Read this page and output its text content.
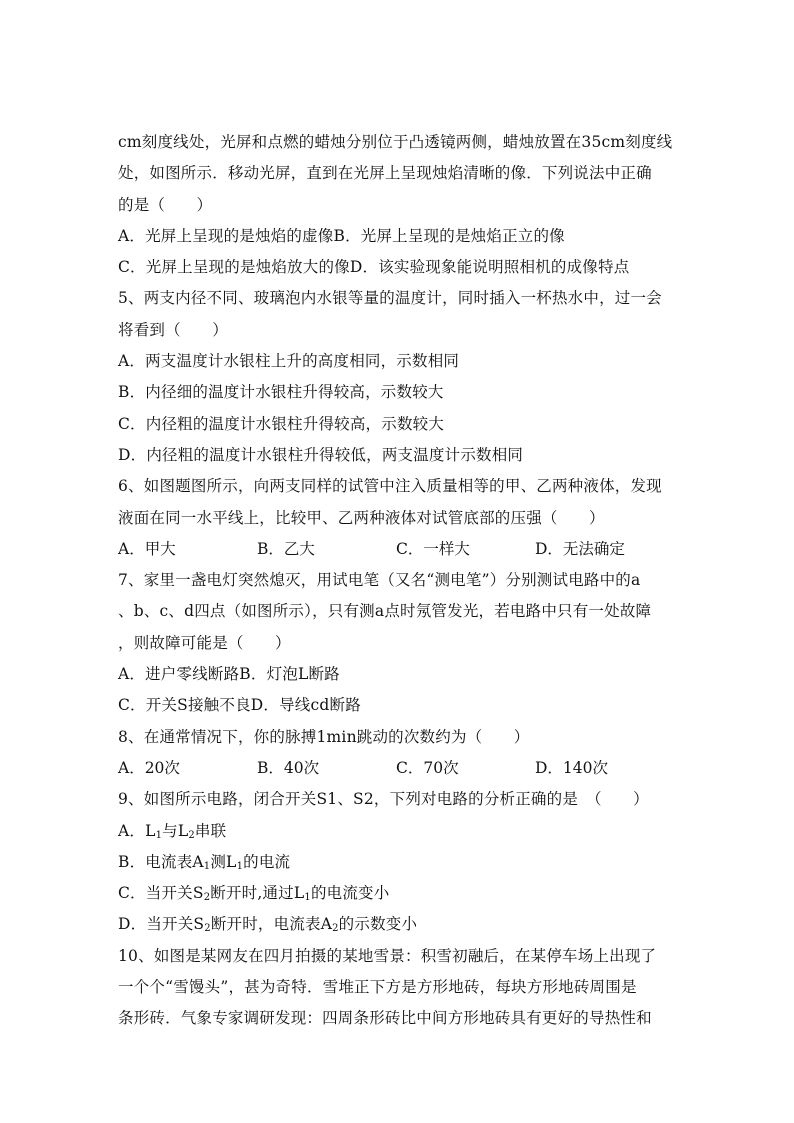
cm刻度线处，光屏和点燃的蜡烛分别位于凸透镜两侧，蜡烛放置在35cm刻度线
处，如图所示．移动光屏，直到在光屏上呈现烛焰清晰的像．下列说法中正确
的是（　　）
A．光屏上呈现的是烛焰的虚像B．光屏上呈现的是烛焰正立的像
C．光屏上呈现的是烛焰放大的像D．该实验现象能说明照相机的成像特点
5、两支内径不同、玻璃泡内水银等量的温度计，同时插入一杯热水中，过一会
将看到（　　）
A．两支温度计水银柱上升的高度相同，示数相同
B．内径细的温度计水银柱升得较高，示数较大
C．内径粗的温度计水银柱升得较高，示数较大
D．内径粗的温度计水银柱升得较低，两支温度计示数相同
6、如图题图所示，向两支同样的试管中注入质量相等的甲、乙两种液体，发现
液面在同一水平线上，比较甲、乙两种液体对试管底部的压强（　　）
A．甲大	B．乙大	C．一样大	D．无法确定
7、家里一盏电灯突然熄灭，用试电笔（又名“测电笔”）分别测试电路中的a
、b、c、d四点（如图所示），只有测a点时氖管发光，若电路中只有一处故障
，则故障可能是（　　）
A．进户零线断路B．灯泡L断路
C．开关S接触不良D．导线cd断路
8、在通常情况下，你的脉搏1min跳动的次数约为（　　）
A．20次	B．40次	C．70次	D．140次
9、如图所示电路，闭合开关S1、S2，下列对电路的分析正确的是　（　　）
A．$L_1$与$L_2$串联
B．电流表$A_1$测$L_1$的电流
C．当开关$S_2$断开时,通过$L_1$的电流变小
D．当开关$S_2$断开时，电流表$A_2$的示数变小
10、如图是某网友在四月拍摄的某地雪景：积雪初融后，在某停车场上出现了
一个个“雪馒头”，甚为奇特．雪堆正下方是方形地砖，每块方形地砖周围是
条形砖．气象专家调研发现：四周条形砖比中间方形地砖具有更好的导热性和
